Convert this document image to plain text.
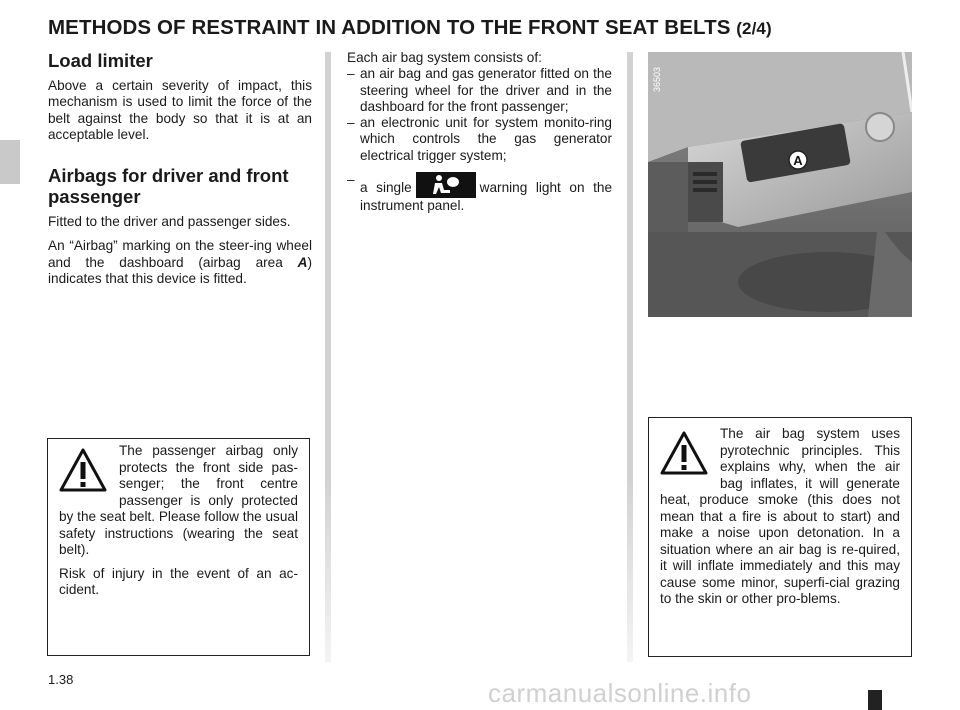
METHODS OF RESTRAINT IN ADDITION TO THE FRONT SEAT BELTS (2/4)
Load limiter

Above a certain severity of impact, this mechanism is used to limit the force of the belt against the body so that it is at an acceptable level.

Airbags for driver and front passenger

Fitted to the driver and passenger sides.

An “Airbag” marking on the steer-ing wheel and the dashboard (airbag area A) indicates that this device is fitted.

Each air bag system consists of:

– an air bag and gas generator fitted on the steering wheel for the driver and in the dashboard for the front passenger;
– an electronic unit for system monito-ring which controls the gas generator electrical trigger system;
–
a single	warning light on the instrument panel.
A
36503

The passenger airbag only protects the front side pas-senger; the front centre passenger is only protected by the seat belt. Please follow the usual safety instructions (wearing the seat belt).

Risk of injury in the event of an ac-cident.

The air bag system uses pyrotechnic principles. This explains why, when the air bag inflates, it will generate heat, produce smoke (this does not mean that a fire is about to start) and make a noise upon detonation. In a situation where an air bag is re-quired, it will inflate immediately and this may cause some minor, superfi-cial grazing to the skin or other pro-blems.

1.38	carmanualsonline.info
